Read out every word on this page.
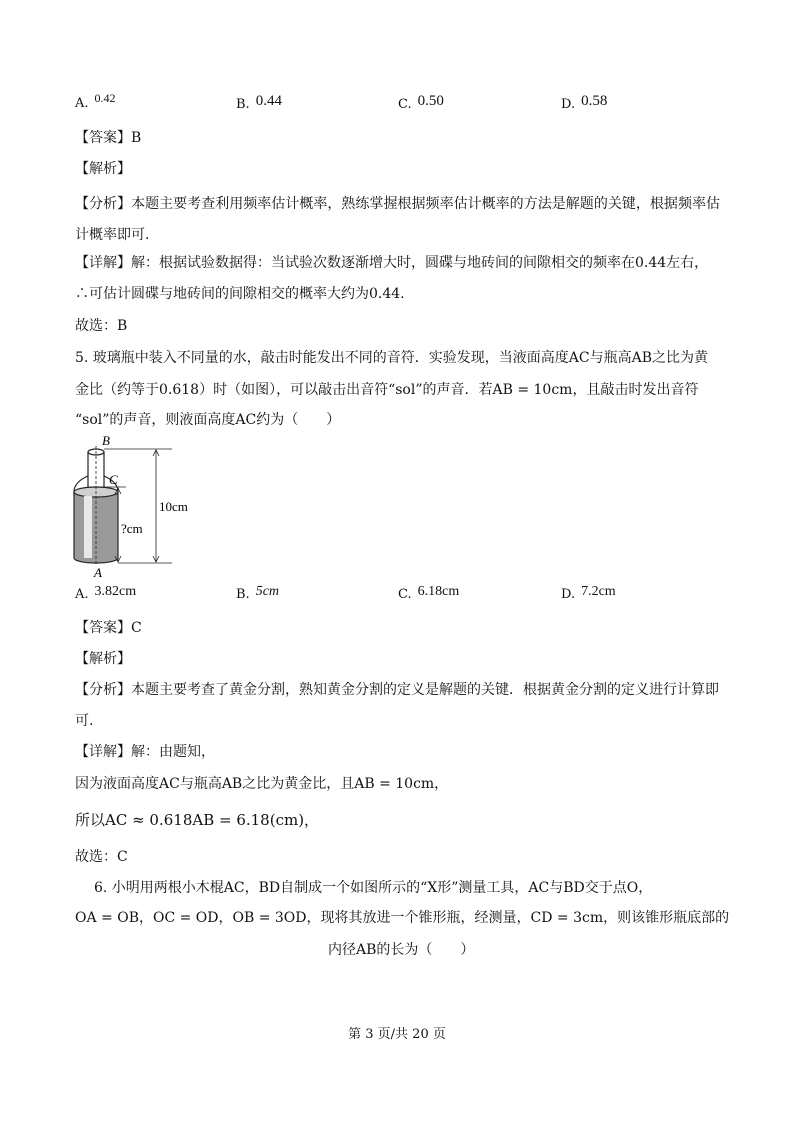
A. 0.42	B. 0.44	C. 0.50	D. 0.58
【答案】B
【解析】
【分析】本题主要考查利用频率估计概率，熟练掌握根据频率估计概率的方法是解题的关键，根据频率估计概率即可.
【详解】解：根据试验数据得：当试验次数逐渐增大时，圆碟与地砖间的间隙相交的频率在0.44左右，
∴可估计圆碟与地砖间的间隙相交的概率大约为0.44.
故选：B
5. 玻璃瓶中装入不同量的水，敲击时能发出不同的音符．实验发现，当液面高度AC与瓶高AB之比为黄
金比（约等于0.618）时（如图），可以敲击出音符“sol”的声音．若AB = 10cm，且敲击时发出音符
“sol”的声音，则液面高度AC约为（　　）
B
C
A
10cm
?cm
A. 3.82cm	B. 5cm	C. 6.18cm	D. 7.2cm
【答案】C
【解析】
【分析】本题主要考查了黄金分割，熟知黄金分割的定义是解题的关键．根据黄金分割的定义进行计算即
可.
【详解】解：由题知，
因为液面高度AC与瓶高AB之比为黄金比，且AB = 10cm，
所以AC ≈ 0.618AB = 6.18(cm)，
故选：C
6. 小明用两根小木棍AC，BD自制成一个如图所示的“X形”测量工具，AC与BD交于点O，
OA = OB，OC = OD，OB = 3OD，现将其放进一个锥形瓶，经测量，CD = 3cm，则该锥形瓶底部的
内径AB的长为（　　）
第 3 页/共 20 页
